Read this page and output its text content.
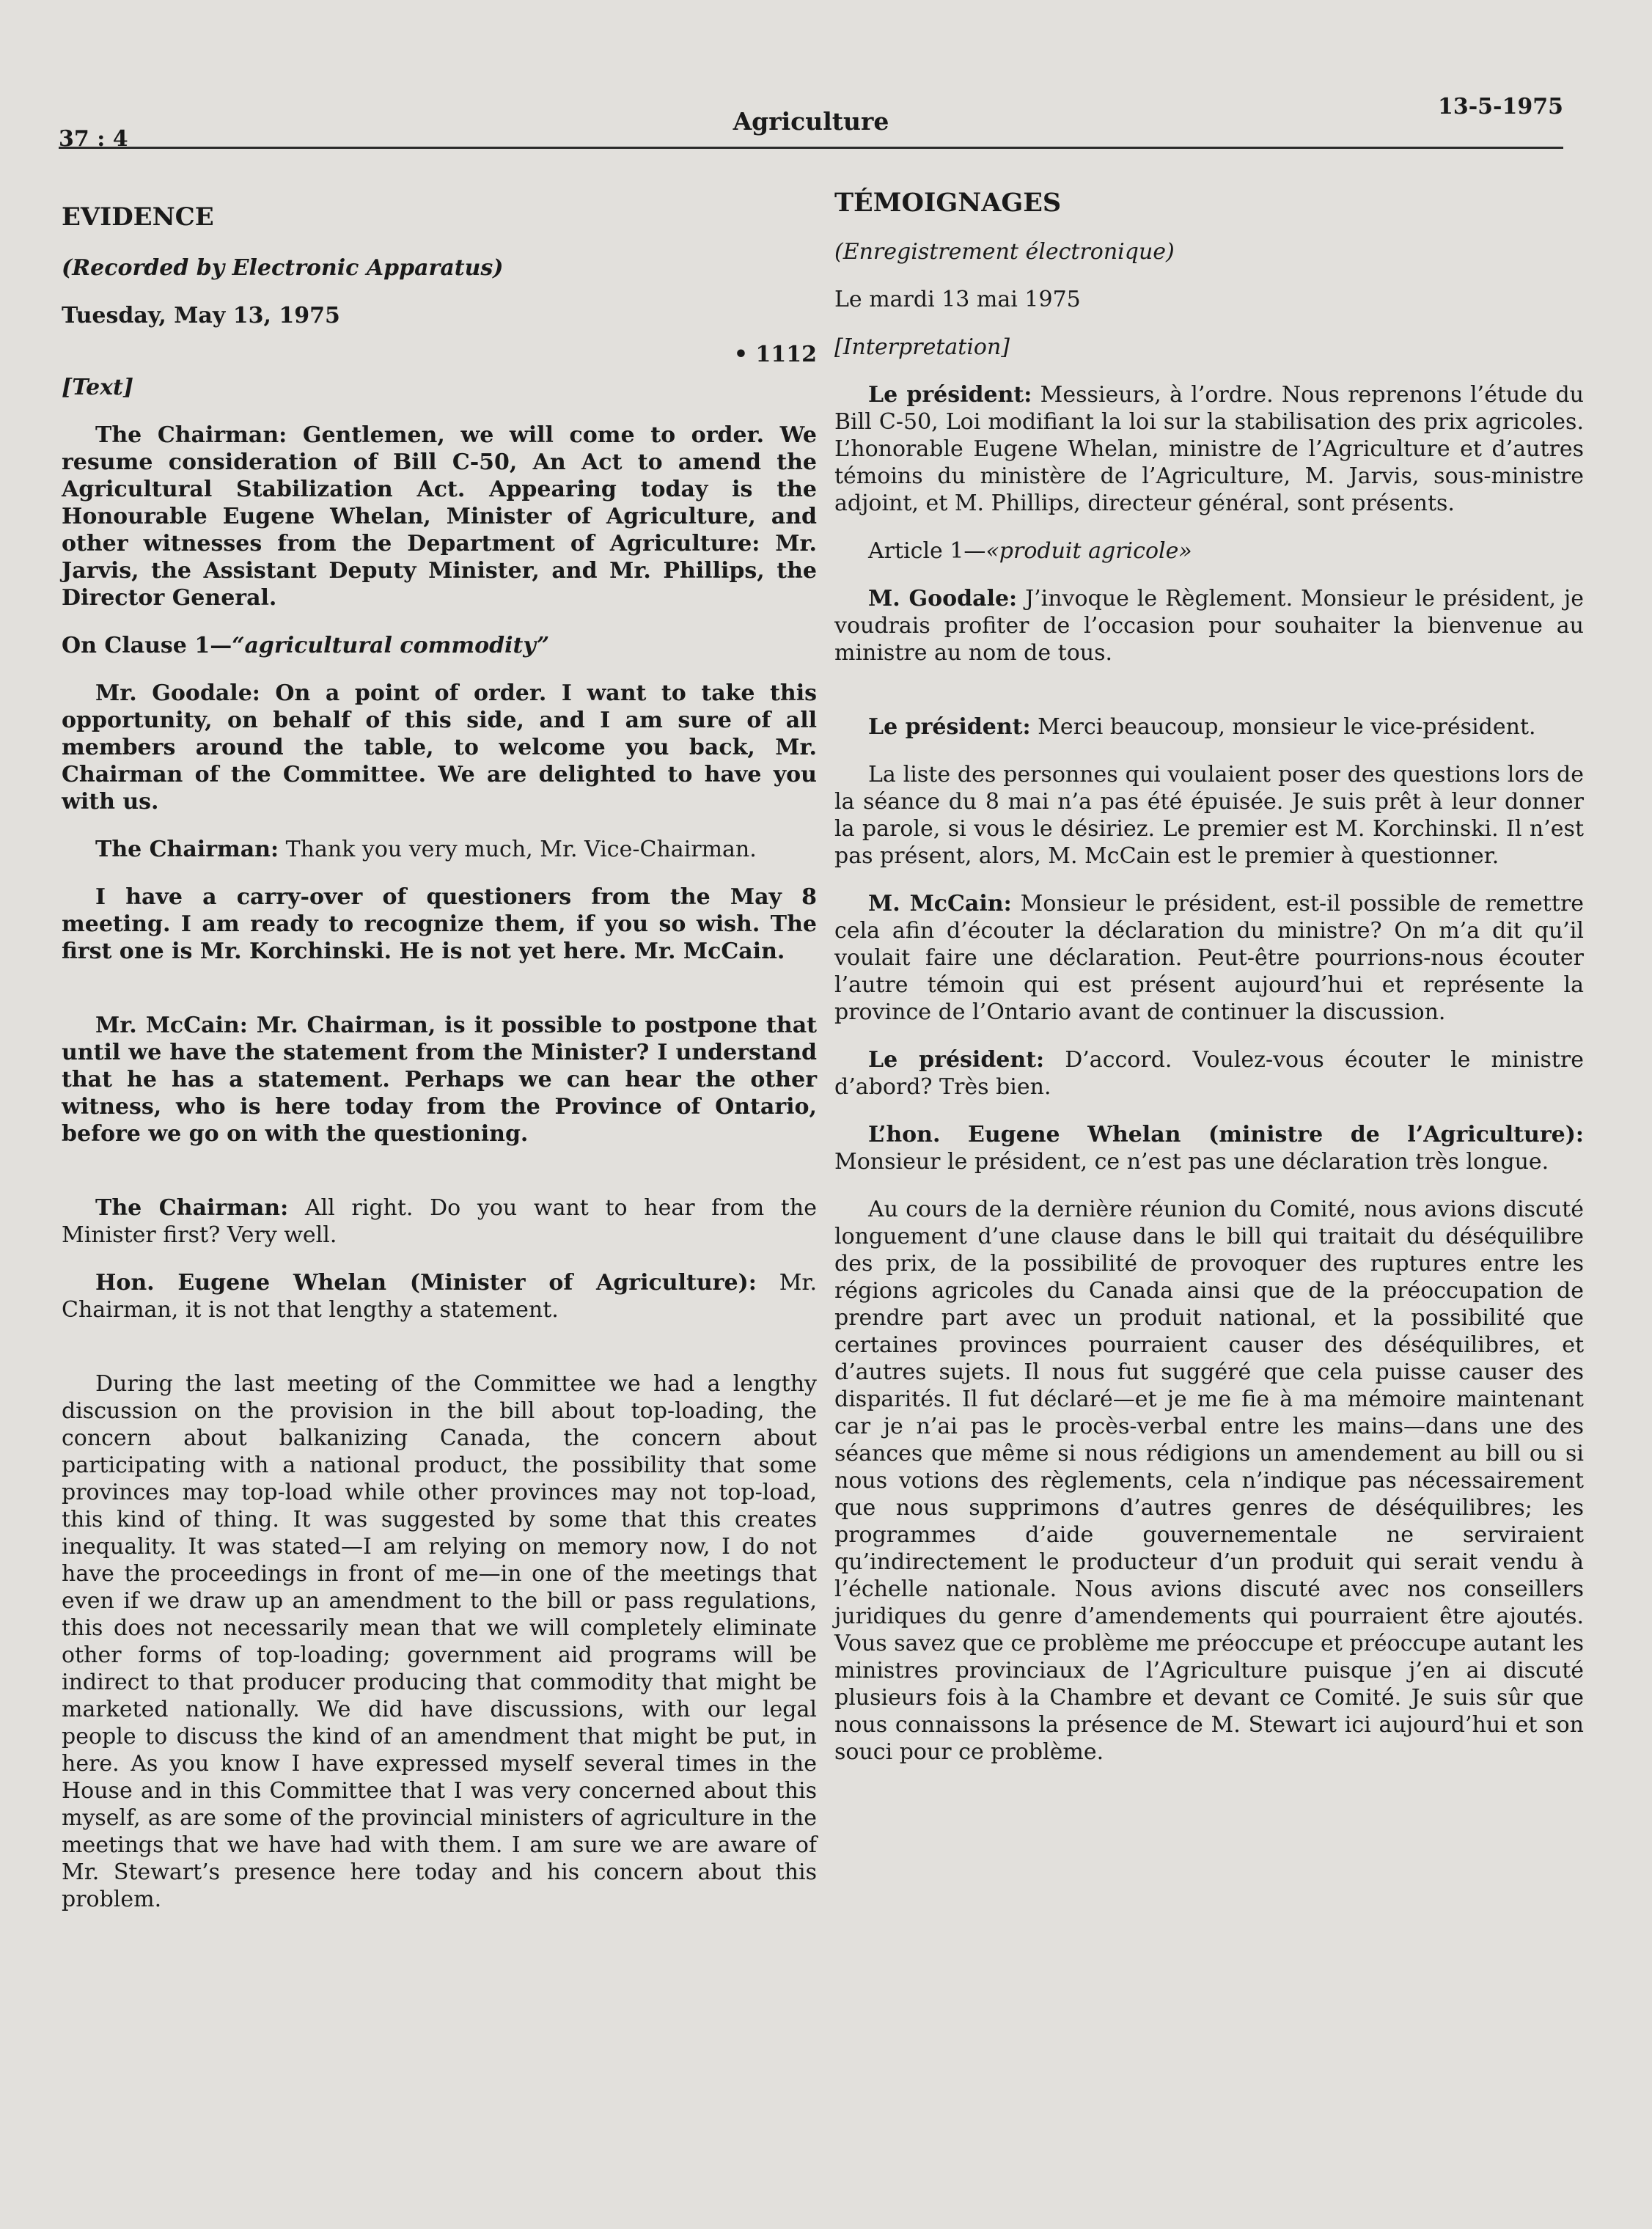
37 : 4
Agriculture
13-5-1975

EVIDENCE

(Recorded by Electronic Apparatus)

Tuesday, May 13, 1975

• 1112

[Text]

The Chairman: Gentlemen, we will come to order. We resume consideration of Bill C-50, An Act to amend the Agricultural Stabilization Act. Appearing today is the Honourable Eugene Whelan, Minister of Agriculture, and other witnesses from the Department of Agriculture: Mr. Jarvis, the Assistant Deputy Minister, and Mr. Phillips, the Director General.

On Clause 1—“agricultural commodity”

Mr. Goodale: On a point of order. I want to take this opportunity, on behalf of this side, and I am sure of all members around the table, to welcome you back, Mr. Chairman of the Committee. We are delighted to have you with us.

The Chairman: Thank you very much, Mr. Vice-Chairman.

I have a carry-over of questioners from the May 8 meeting. I am ready to recognize them, if you so wish. The first one is Mr. Korchinski. He is not yet here. Mr. McCain.

Mr. McCain: Mr. Chairman, is it possible to postpone that until we have the statement from the Minister? I understand that he has a statement. Perhaps we can hear the other witness, who is here today from the Province of Ontario, before we go on with the questioning.

The Chairman: All right. Do you want to hear from the Minister first? Very well.

Hon. Eugene Whelan (Minister of Agriculture): Mr. Chairman, it is not that lengthy a statement.

During the last meeting of the Committee we had a lengthy discussion on the provision in the bill about top-loading, the concern about balkanizing Canada, the concern about participating with a national product, the possibility that some provinces may top-load while other provinces may not top-load, this kind of thing. It was suggested by some that this creates inequality. It was stated—I am relying on memory now, I do not have the proceedings in front of me—in one of the meetings that even if we draw up an amendment to the bill or pass regulations, this does not necessarily mean that we will completely eliminate other forms of top-loading; government aid programs will be indirect to that producer producing that commodity that might be marketed nationally. We did have discussions, with our legal people to discuss the kind of an amendment that might be put, in here. As you know I have expressed myself several times in the House and in this Committee that I was very concerned about this myself, as are some of the provincial ministers of agriculture in the meetings that we have had with them. I am sure we are aware of Mr. Stewart’s presence here today and his concern about this problem.

TÉMOIGNAGES

(Enregistrement électronique)

Le mardi 13 mai 1975

[Interpretation]

Le président: Messieurs, à l’ordre. Nous reprenons l’étude du Bill C-50, Loi modifiant la loi sur la stabilisation des prix agricoles. L’honorable Eugene Whelan, ministre de l’Agriculture et d’autres témoins du ministère de l’Agriculture, M. Jarvis, sous-ministre adjoint, et M. Phillips, directeur général, sont présents.

Article 1—«produit agricole»

M. Goodale: J’invoque le Règlement. Monsieur le président, je voudrais profiter de l’occasion pour souhaiter la bienvenue au ministre au nom de tous.

Le président: Merci beaucoup, monsieur le vice-président.

La liste des personnes qui voulaient poser des questions lors de la séance du 8 mai n’a pas été épuisée. Je suis prêt à leur donner la parole, si vous le désiriez. Le premier est M. Korchinski. Il n’est pas présent, alors, M. McCain est le premier à questionner.

M. McCain: Monsieur le président, est-il possible de remettre cela afin d’écouter la déclaration du ministre? On m’a dit qu’il voulait faire une déclaration. Peut-être pourrions-nous écouter l’autre témoin qui est présent aujourd’hui et représente la province de l’Ontario avant de continuer la discussion.

Le président: D’accord. Voulez-vous écouter le ministre d’abord? Très bien.

L’hon. Eugene Whelan (ministre de l’Agriculture): Monsieur le président, ce n’est pas une déclaration très longue.

Au cours de la dernière réunion du Comité, nous avions discuté longuement d’une clause dans le bill qui traitait du déséquilibre des prix, de la possibilité de provoquer des ruptures entre les régions agricoles du Canada ainsi que de la préoccupation de prendre part avec un produit national, et la possibilité que certaines provinces pourraient causer des déséquilibres, et d’autres sujets. Il nous fut suggéré que cela puisse causer des disparités. Il fut déclaré—et je me fie à ma mémoire maintenant car je n’ai pas le procès-verbal entre les mains—dans une des séances que même si nous rédigions un amendement au bill ou si nous votions des règlements, cela n’indique pas nécessairement que nous supprimons d’autres genres de déséquilibres; les programmes d’aide gouvernementale ne serviraient qu’indirectement le producteur d’un produit qui serait vendu à l’échelle nationale. Nous avions discuté avec nos conseillers juridiques du genre d’amendements qui pourraient être ajoutés. Vous savez que ce problème me préoccupe et préoccupe autant les ministres provinciaux de l’Agriculture puisque j’en ai discuté plusieurs fois à la Chambre et devant ce Comité. Je suis sûr que nous connaissons la présence de M. Stewart ici aujourd’hui et son souci pour ce problème.
